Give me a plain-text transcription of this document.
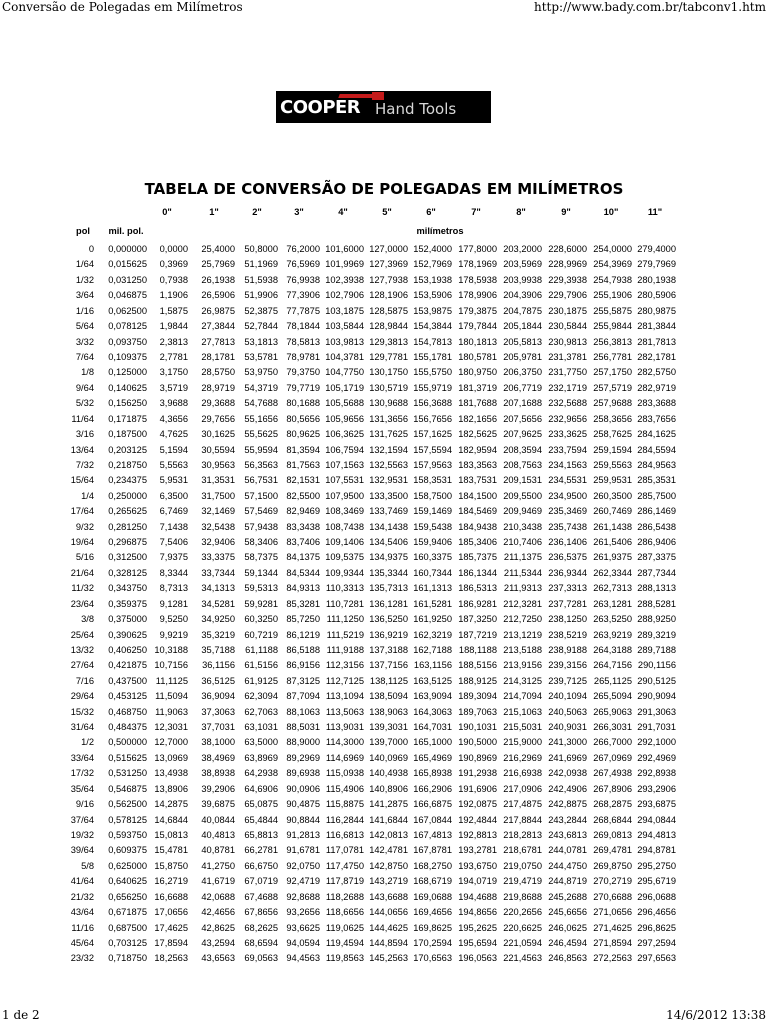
Conversão de Polegadas em Milímetros	http://www.bady.com.br/tabconv1.htm
COOPER Hand Tools
TABELA DE CONVERSÃO DE POLEGADAS EM MILÍMETROS
0"	1"	2"	3"	4"	5"	6"	7"	8"	9"	10"	11"
pol	mil. pol.	milímetros
0	0,000000	0,0000	25,4000	50,8000 76,2000 101,6000 127,0000 152,4000 177,8000 203,2000 228,6000 254,0000 279,4000
1/64	0,015625	0,3969	25,7969	51,1969 76,5969 101,9969 127,3969 152,7969 178,1969 203,5969 228,9969 254,3969 279,7969
1/32	0,031250	0,7938	26,1938	51,5938 76,9938 102,3938 127,7938 153,1938 178,5938 203,9938 229,3938 254,7938 280,1938
3/64	0,046875	1,1906	26,5906	51,9906 77,3906 102,7906 128,1906 153,5906 178,9906 204,3906 229,7906 255,1906 280,5906
1/16	0,062500	1,5875	26,9875	52,3875 77,7875 103,1875 128,5875 153,9875 179,3875 204,7875 230,1875 255,5875 280,9875
5/64	0,078125	1,9844	27,3844	52,7844 78,1844 103,5844 128,9844 154,3844 179,7844 205,1844 230,5844 255,9844 281,3844
3/32	0,093750	2,3813	27,7813	53,1813 78,5813 103,9813 129,3813 154,7813 180,1813 205,5813 230,9813 256,3813 281,7813
7/64	0,109375	2,7781	28,1781	53,5781 78,9781 104,3781 129,7781 155,1781 180,5781 205,9781 231,3781 256,7781 282,1781
1/8	0,125000	3,1750	28,5750	53,9750 79,3750 104,7750 130,1750 155,5750 180,9750 206,3750 231,7750 257,1750 282,5750
9/64	0,140625	3,5719	28,9719	54,3719 79,7719 105,1719 130,5719 155,9719 181,3719 206,7719 232,1719 257,5719 282,9719
5/32	0,156250	3,9688	29,3688	54,7688 80,1688 105,5688 130,9688 156,3688 181,7688 207,1688 232,5688 257,9688 283,3688
11/64	0,171875	4,3656	29,7656	55,1656 80,5656 105,9656 131,3656 156,7656 182,1656 207,5656 232,9656 258,3656 283,7656
3/16	0,187500	4,7625	30,1625	55,5625 80,9625 106,3625 131,7625 157,1625 182,5625 207,9625 233,3625 258,7625 284,1625
13/64	0,203125	5,1594	30,5594	55,9594 81,3594 106,7594 132,1594 157,5594 182,9594 208,3594 233,7594 259,1594 284,5594
7/32	0,218750	5,5563	30,9563	56,3563 81,7563 107,1563 132,5563 157,9563 183,3563 208,7563 234,1563 259,5563 284,9563
15/64	0,234375	5,9531	31,3531	56,7531 82,1531 107,5531 132,9531 158,3531 183,7531 209,1531 234,5531 259,9531 285,3531
1/4	0,250000	6,3500	31,7500	57,1500 82,5500 107,9500 133,3500 158,7500 184,1500 209,5500 234,9500 260,3500 285,7500
17/64	0,265625	6,7469	32,1469	57,5469 82,9469 108,3469 133,7469 159,1469 184,5469 209,9469 235,3469 260,7469 286,1469
9/32	0,281250	7,1438	32,5438	57,9438 83,3438 108,7438 134,1438 159,5438 184,9438 210,3438 235,7438 261,1438 286,5438
19/64	0,296875	7,5406	32,9406	58,3406 83,7406 109,1406 134,5406 159,9406 185,3406 210,7406 236,1406 261,5406 286,9406
5/16	0,312500	7,9375	33,3375	58,7375 84,1375 109,5375 134,9375 160,3375 185,7375 211,1375 236,5375 261,9375 287,3375
21/64	0,328125	8,3344	33,7344	59,1344 84,5344 109,9344 135,3344 160,7344 186,1344 211,5344 236,9344 262,3344 287,7344
11/32	0,343750	8,7313	34,1313	59,5313 84,9313 110,3313 135,7313 161,1313 186,5313 211,9313 237,3313 262,7313 288,1313
23/64	0,359375	9,1281	34,5281	59,9281 85,3281 110,7281 136,1281 161,5281 186,9281 212,3281 237,7281 263,1281 288,5281
3/8	0,375000	9,5250	34,9250	60,3250 85,7250 111,1250 136,5250 161,9250 187,3250 212,7250 238,1250 263,5250 288,9250
25/64	0,390625	9,9219	35,3219	60,7219 86,1219 111,5219 136,9219 162,3219 187,7219 213,1219 238,5219 263,9219 289,3219
13/32	0,406250 10,3188	35,7188	61,1188 86,5188 111,9188 137,3188 162,7188 188,1188 213,5188 238,9188 264,3188 289,7188
27/64	0,421875 10,7156	36,1156	61,5156 86,9156 112,3156 137,7156 163,1156 188,5156 213,9156 239,3156 264,7156 290,1156
7/16	0,437500 11,1125	36,5125	61,9125 87,3125 112,7125 138,1125 163,5125 188,9125 214,3125 239,7125 265,1125 290,5125
29/64	0,453125 11,5094	36,9094	62,3094 87,7094 113,1094 138,5094 163,9094 189,3094 214,7094 240,1094 265,5094 290,9094
15/32	0,468750 11,9063	37,3063	62,7063 88,1063 113,5063 138,9063 164,3063 189,7063 215,1063 240,5063 265,9063 291,3063
31/64	0,484375 12,3031	37,7031	63,1031 88,5031 113,9031 139,3031 164,7031 190,1031 215,5031 240,9031 266,3031 291,7031
1/2	0,500000 12,7000	38,1000	63,5000 88,9000 114,3000 139,7000 165,1000 190,5000 215,9000 241,3000 266,7000 292,1000
33/64	0,515625 13,0969	38,4969	63,8969 89,2969 114,6969 140,0969 165,4969 190,8969 216,2969 241,6969 267,0969 292,4969
17/32	0,531250 13,4938	38,8938	64,2938 89,6938 115,0938 140,4938 165,8938 191,2938 216,6938 242,0938 267,4938 292,8938
35/64	0,546875 13,8906	39,2906	64,6906 90,0906 115,4906 140,8906 166,2906 191,6906 217,0906 242,4906 267,8906 293,2906
9/16	0,562500 14,2875	39,6875	65,0875 90,4875 115,8875 141,2875 166,6875 192,0875 217,4875 242,8875 268,2875 293,6875
37/64	0,578125 14,6844	40,0844	65,4844 90,8844 116,2844 141,6844 167,0844 192,4844 217,8844 243,2844 268,6844 294,0844
19/32	0,593750 15,0813	40,4813	65,8813 91,2813 116,6813 142,0813 167,4813 192,8813 218,2813 243,6813 269,0813 294,4813
39/64	0,609375 15,4781	40,8781	66,2781 91,6781 117,0781 142,4781 167,8781 193,2781 218,6781 244,0781 269,4781 294,8781
5/8	0,625000 15,8750	41,2750	66,6750 92,0750 117,4750 142,8750 168,2750 193,6750 219,0750 244,4750 269,8750 295,2750
41/64	0,640625 16,2719	41,6719	67,0719 92,4719 117,8719 143,2719 168,6719 194,0719 219,4719 244,8719 270,2719 295,6719
21/32	0,656250 16,6688	42,0688	67,4688 92,8688 118,2688 143,6688 169,0688 194,4688 219,8688 245,2688 270,6688 296,0688
43/64	0,671875 17,0656	42,4656	67,8656 93,2656 118,6656 144,0656 169,4656 194,8656 220,2656 245,6656 271,0656 296,4656
11/16	0,687500 17,4625	42,8625	68,2625 93,6625 119,0625 144,4625 169,8625 195,2625 220,6625 246,0625 271,4625 296,8625
45/64	0,703125 17,8594	43,2594	68,6594 94,0594 119,4594 144,8594 170,2594 195,6594 221,0594 246,4594 271,8594 297,2594
23/32	0,718750 18,2563	43,6563	69,0563 94,4563 119,8563 145,2563 170,6563 196,0563 221,4563 246,8563 272,2563 297,6563
1 de 2	14/6/2012 13:38
